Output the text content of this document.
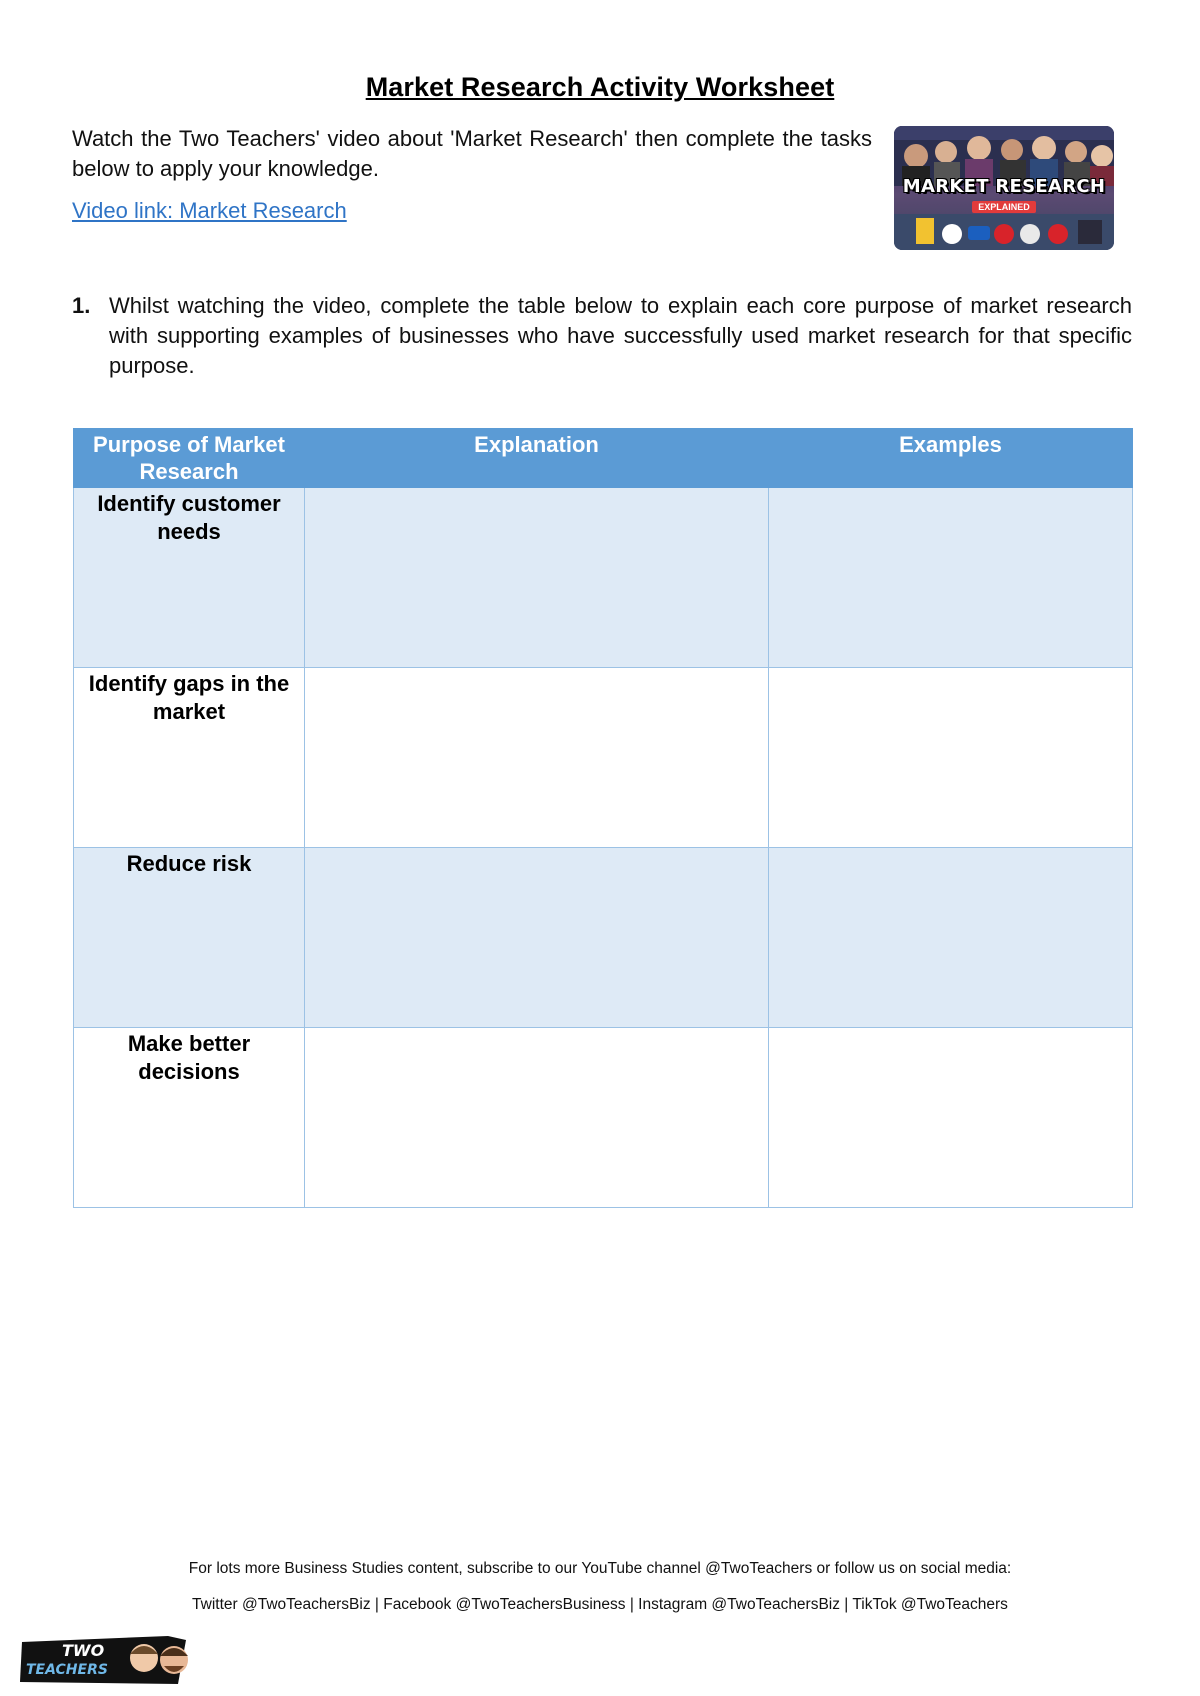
Market Research Activity Worksheet
Watch the Two Teachers' video about 'Market Research' then complete the tasks below to apply your knowledge.
Video link: Market Research
MARKET RESEARCH
EXPLAINED
1. Whilst watching the video, complete the table below to explain each core purpose of market research with supporting examples of businesses who have successfully used market research for that specific purpose.
Purpose of Market Research	Explanation	Examples
Identify customer needs		
Identify gaps in the market		
Reduce risk		
Make better decisions		
For lots more Business Studies content, subscribe to our YouTube channel @TwoTeachers or follow us on social media:
Twitter @TwoTeachersBiz | Facebook @TwoTeachersBusiness | Instagram @TwoTeachersBiz | TikTok @TwoTeachers
TWO
TEACHERS
